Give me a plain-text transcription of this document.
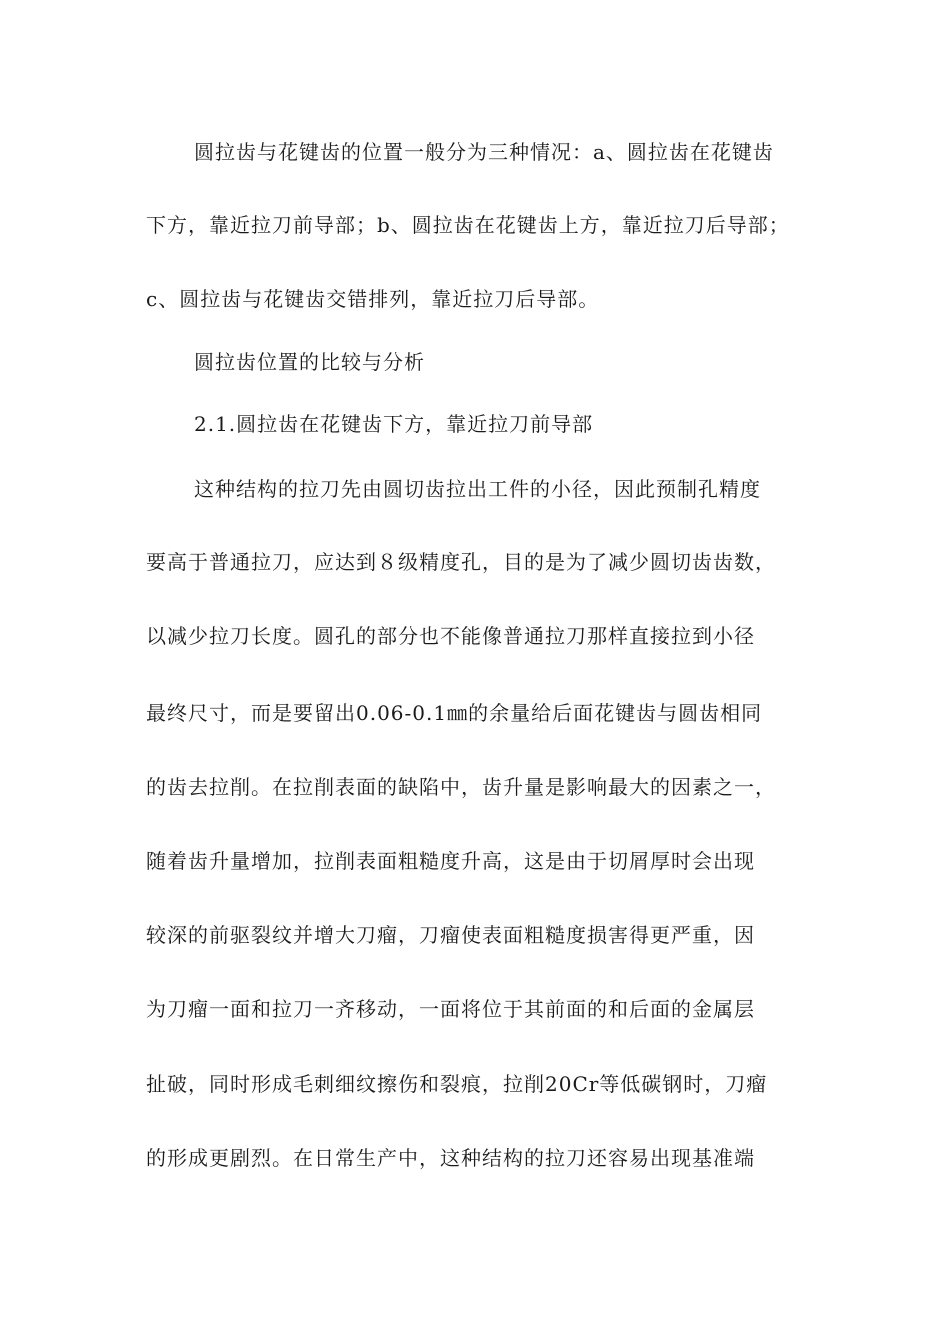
圆拉齿与花键齿的位置一般分为三种情况：a、圆拉齿在花键齿
下方，靠近拉刀前导部；b、圆拉齿在花键齿上方，靠近拉刀后导部；
c、圆拉齿与花键齿交错排列，靠近拉刀后导部。
圆拉齿位置的比较与分析
2.1.圆拉齿在花键齿下方，靠近拉刀前导部
这种结构的拉刀先由圆切齿拉出工件的小径，因此预制孔精度
要高于普通拉刀，应达到８级精度孔，目的是为了减少圆切齿齿数，
以减少拉刀长度。圆孔的部分也不能像普通拉刀那样直接拉到小径
最终尺寸，而是要留出0.06-0.1㎜的余量给后面花键齿与圆齿相同
的齿去拉削。在拉削表面的缺陷中，齿升量是影响最大的因素之一，
随着齿升量增加，拉削表面粗糙度升高，这是由于切屑厚时会出现
较深的前驱裂纹并增大刀瘤，刀瘤使表面粗糙度损害得更严重，因
为刀瘤一面和拉刀一齐移动，一面将位于其前面的和后面的金属层
扯破，同时形成毛刺细纹擦伤和裂痕，拉削20Cr等低碳钢时，刀瘤
的形成更剧烈。在日常生产中，这种结构的拉刀还容易出现基准端
